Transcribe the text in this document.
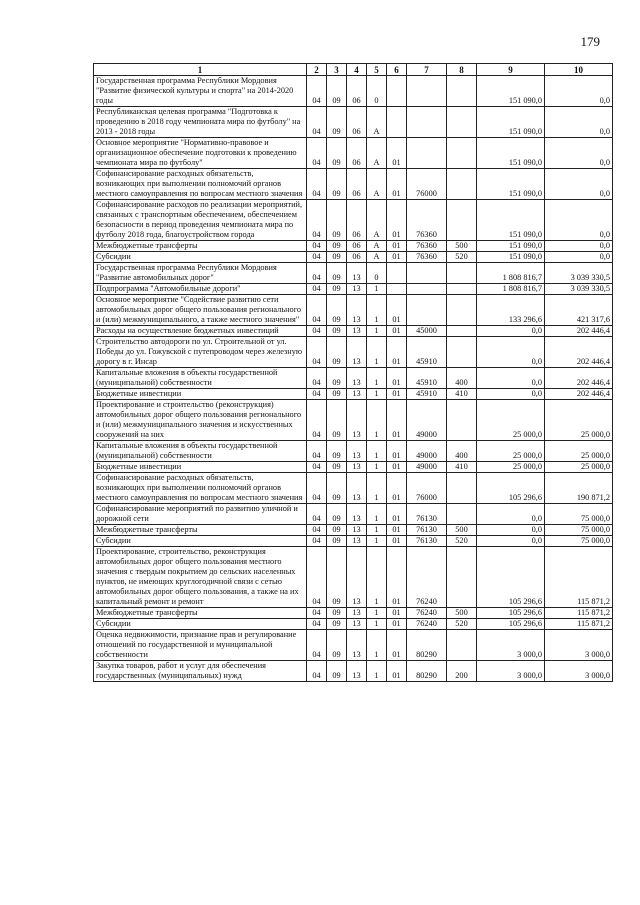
179
1	2	3	4	5	6	7	8	9	10
Государственная программа Республики Мордовия "Развитие физической культуры и спорта" на 2014-2020 годы	04	09	06	0				151 090,0	0,0
Республиканская целевая программа "Подготовка к проведению в 2018 году чемпионата мира по футболу" на 2013 - 2018 годы	04	09	06	А				151 090,0	0,0
Основное мероприятие "Нормативно-правовое и организационное обеспечение подготовки к проведению чемпионата мира по футболу"	04	09	06	А	01			151 090,0	0,0
Софинансирование расходных обязательств, возникающих при выполнении полномочий органов местного самоуправления по вопросам местного значения	04	09	06	А	01	76000		151 090,0	0,0
Софинансирование расходов по реализации мероприятий, связанных с транспортным обеспечением, обеспечением безопасности в период проведения чемпионата мира по футболу 2018 года, благоустройством города	04	09	06	А	01	76360		151 090,0	0,0
Межбюджетные трансферты	04	09	06	А	01	76360	500	151 090,0	0,0
Субсидии	04	09	06	А	01	76360	520	151 090,0	0,0
Государственная программа Республики Мордовия "Развитие автомобильных дорог"	04	09	13	0				1 808 816,7	3 039 330,5
Подпрограмма "Автомобильные дороги"	04	09	13	1				1 808 816,7	3 039 330,5
Основное мероприятие "Содействие развитию сети автомобильных дорог общего пользования регионального и (или) межмуниципального, а также местного значения"	04	09	13	1	01			133 296,6	421 317,6
Расходы на осуществление бюджетных инвестиций	04	09	13	1	01	45000		0,0	202 446,4
Строительство автодороги по ул. Строительной от ул. Победы до ул. Гожувской с путепроводом через железную дорогу в г. Инсар	04	09	13	1	01	45910		0,0	202 446,4
Капитальные вложения в объекты государственной (муниципальной) собственности	04	09	13	1	01	45910	400	0,0	202 446,4
Бюджетные инвестиции	04	09	13	1	01	45910	410	0,0	202 446,4
Проектирование и строительство (реконструкция) автомобильных дорог общего пользования регионального и (или) межмуниципального значения и искусственных сооружений на них	04	09	13	1	01	49000		25 000,0	25 000,0
Капитальные вложения в объекты государственной (муниципальной) собственности	04	09	13	1	01	49000	400	25 000,0	25 000,0
Бюджетные инвестиции	04	09	13	1	01	49000	410	25 000,0	25 000,0
Софинансирование расходных обязательств, возникающих при выполнении полномочий органов местного самоуправления по вопросам местного значения	04	09	13	1	01	76000		105 296,6	190 871,2
Софинансирование мероприятий по развитию уличной и дорожной сети	04	09	13	1	01	76130		0,0	75 000,0
Межбюджетные трансферты	04	09	13	1	01	76130	500	0,0	75 000,0
Субсидии	04	09	13	1	01	76130	520	0,0	75 000,0
Проектирование, строительство, реконструкция автомобильных дорог общего пользования местного значения с твердым покрытием до сельских населенных пунктов, не имеющих круглогодичной связи с сетью автомобильных дорог общего пользования, а также на их капитальный ремонт и ремонт	04	09	13	1	01	76240		105 296,6	115 871,2
Межбюджетные трансферты	04	09	13	1	01	76240	500	105 296,6	115 871,2
Субсидии	04	09	13	1	01	76240	520	105 296,6	115 871,2
Оценка недвижимости, признание прав и регулирование отношений по государственной и муниципальной собственности	04	09	13	1	01	80290		3 000,0	3 000,0
Закупка товаров, работ и услуг для обеспечения государственных (муниципальных) нужд	04	09	13	1	01	80290	200	3 000,0	3 000,0
